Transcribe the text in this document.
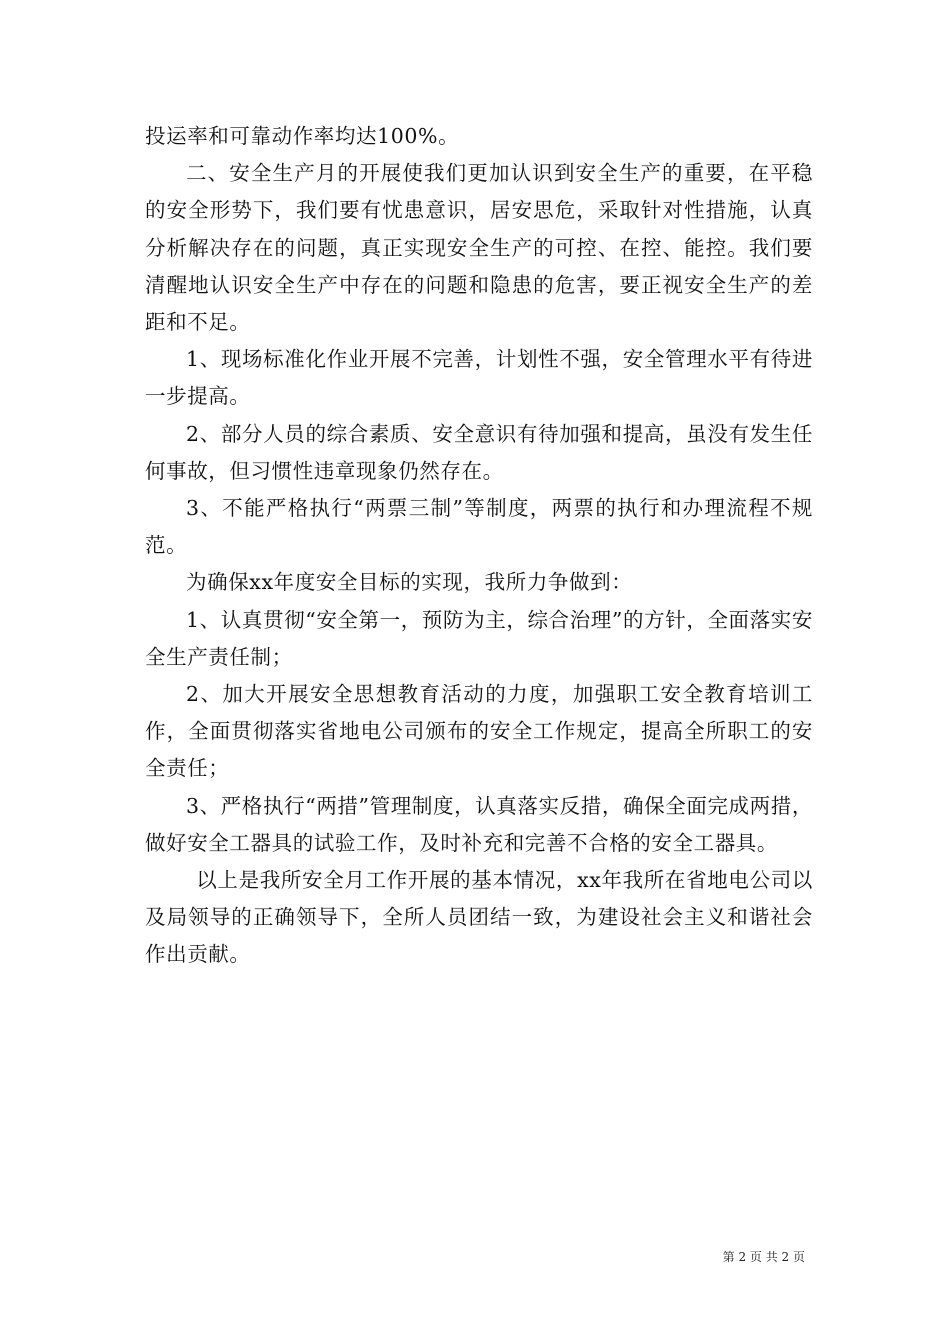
投运率和可靠动作率均达100%。

二、安全生产月的开展使我们更加认识到安全生产的重要，在平稳的安全形势下，我们要有忧患意识，居安思危，采取针对性措施，认真分析解决存在的问题，真正实现安全生产的可控、在控、能控。我们要清醒地认识安全生产中存在的问题和隐患的危害，要正视安全生产的差距和不足。

1、现场标准化作业开展不完善，计划性不强，安全管理水平有待进一步提高。

2、部分人员的综合素质、安全意识有待加强和提高，虽没有发生任何事故，但习惯性违章现象仍然存在。

3、不能严格执行“两票三制”等制度，两票的执行和办理流程不规范。

为确保xx年度安全目标的实现，我所力争做到：

1、认真贯彻“安全第一，预防为主，综合治理”的方针，全面落实安全生产责任制；

2、加大开展安全思想教育活动的力度，加强职工安全教育培训工作，全面贯彻落实省地电公司颁布的安全工作规定，提高全所职工的安全责任；

3、严格执行“两措”管理制度，认真落实反措，确保全面完成两措，做好安全工器具的试验工作，及时补充和完善不合格的安全工器具。

以上是我所安全月工作开展的基本情况，xx年我所在省地电公司以及局领导的正确领导下，全所人员团结一致，为建设社会主义和谐社会作出贡献。

第 2 页 共 2 页
